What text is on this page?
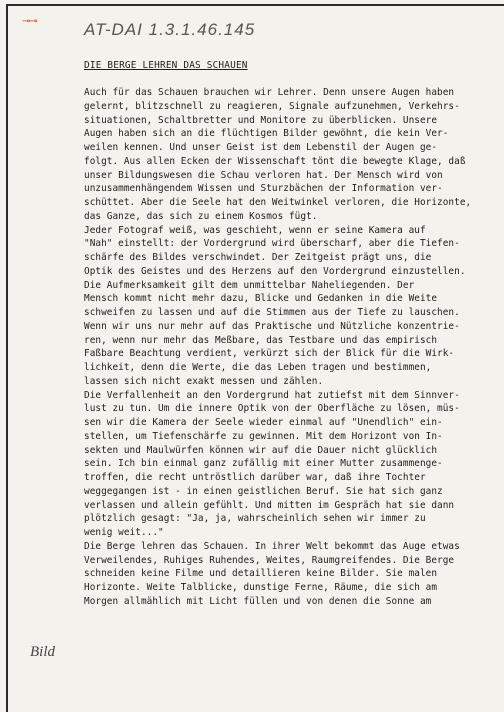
⊸⊸	AT-DAI 1.3.1.46.145
DIE BERGE LEHREN DAS SCHAUEN
Auch für das Schauen brauchen wir Lehrer. Denn unsere Augen haben
gelernt, blitzschnell zu reagieren, Signale aufzunehmen, Verkehrs-
situationen, Schaltbretter und Monitore zu überblicken. Unsere
Augen haben sich an die flüchtigen Bilder gewöhnt, die kein Ver-
weilen kennen. Und unser Geist ist dem Lebenstil der Augen ge-
folgt. Aus allen Ecken der Wissenschaft tönt die bewegte Klage, daß
unser Bildungswesen die Schau verloren hat. Der Mensch wird von
unzusammenhängendem Wissen und Sturzbächen der Information ver-
schüttet. Aber die Seele hat den Weitwinkel verloren, die Horizonte,
das Ganze, das sich zu einem Kosmos fügt.
Jeder Fotograf weiß, was geschieht, wenn er seine Kamera auf
"Nah" einstellt: der Vordergrund wird überscharf, aber die Tiefen-
schärfe des Bildes verschwindet. Der Zeitgeist prägt uns, die
Optik des Geistes und des Herzens auf den Vordergrund einzustellen.
Die Aufmerksamkeit gilt dem unmittelbar Naheliegenden. Der
Mensch kommt nicht mehr dazu, Blicke und Gedanken in die Weite
schweifen zu lassen und auf die Stimmen aus der Tiefe zu lauschen.
Wenn wir uns nur mehr auf das Praktische und Nützliche konzentrie-
ren, wenn nur mehr das Meßbare, das Testbare und das empirisch
Faßbare Beachtung verdient, verkürzt sich der Blick für die Wirk-
lichkeit, denn die Werte, die das Leben tragen und bestimmen,
lassen sich nicht exakt messen und zählen.
Die Verfallenheit an den Vordergrund hat zutiefst mit dem Sinnver-
lust zu tun. Um die innere Optik von der Oberfläche zu lösen, müs-
sen wir die Kamera der Seele wieder einmal auf "Unendlich" ein-
stellen, um Tiefenschärfe zu gewinnen. Mit dem Horizont von In-
sekten und Maulwürfen können wir auf die Dauer nicht glücklich
sein. Ich bin einmal ganz zufällig mit einer Mutter zusammenge-
troffen, die recht untröstlich darüber war, daß ihre Tochter
weggegangen ist - in einen geistlichen Beruf. Sie hat sich ganz
verlassen und allein gefühlt. Und mitten im Gespräch hat sie dann
plötzlich gesagt: "Ja, ja, wahrscheinlich sehen wir immer zu
wenig weit..."
Die Berge lehren das Schauen. In ihrer Welt bekommt das Auge etwas
Verweilendes, Ruhiges Ruhendes, Weites, Raumgreifendes. Die Berge
schneiden keine Filme und detaillieren keine Bilder. Sie malen
Horizonte. Weite Talblicke, dunstige Ferne, Räume, die sich am
Morgen allmählich mit Licht füllen und von denen die Sonne am
Bild
